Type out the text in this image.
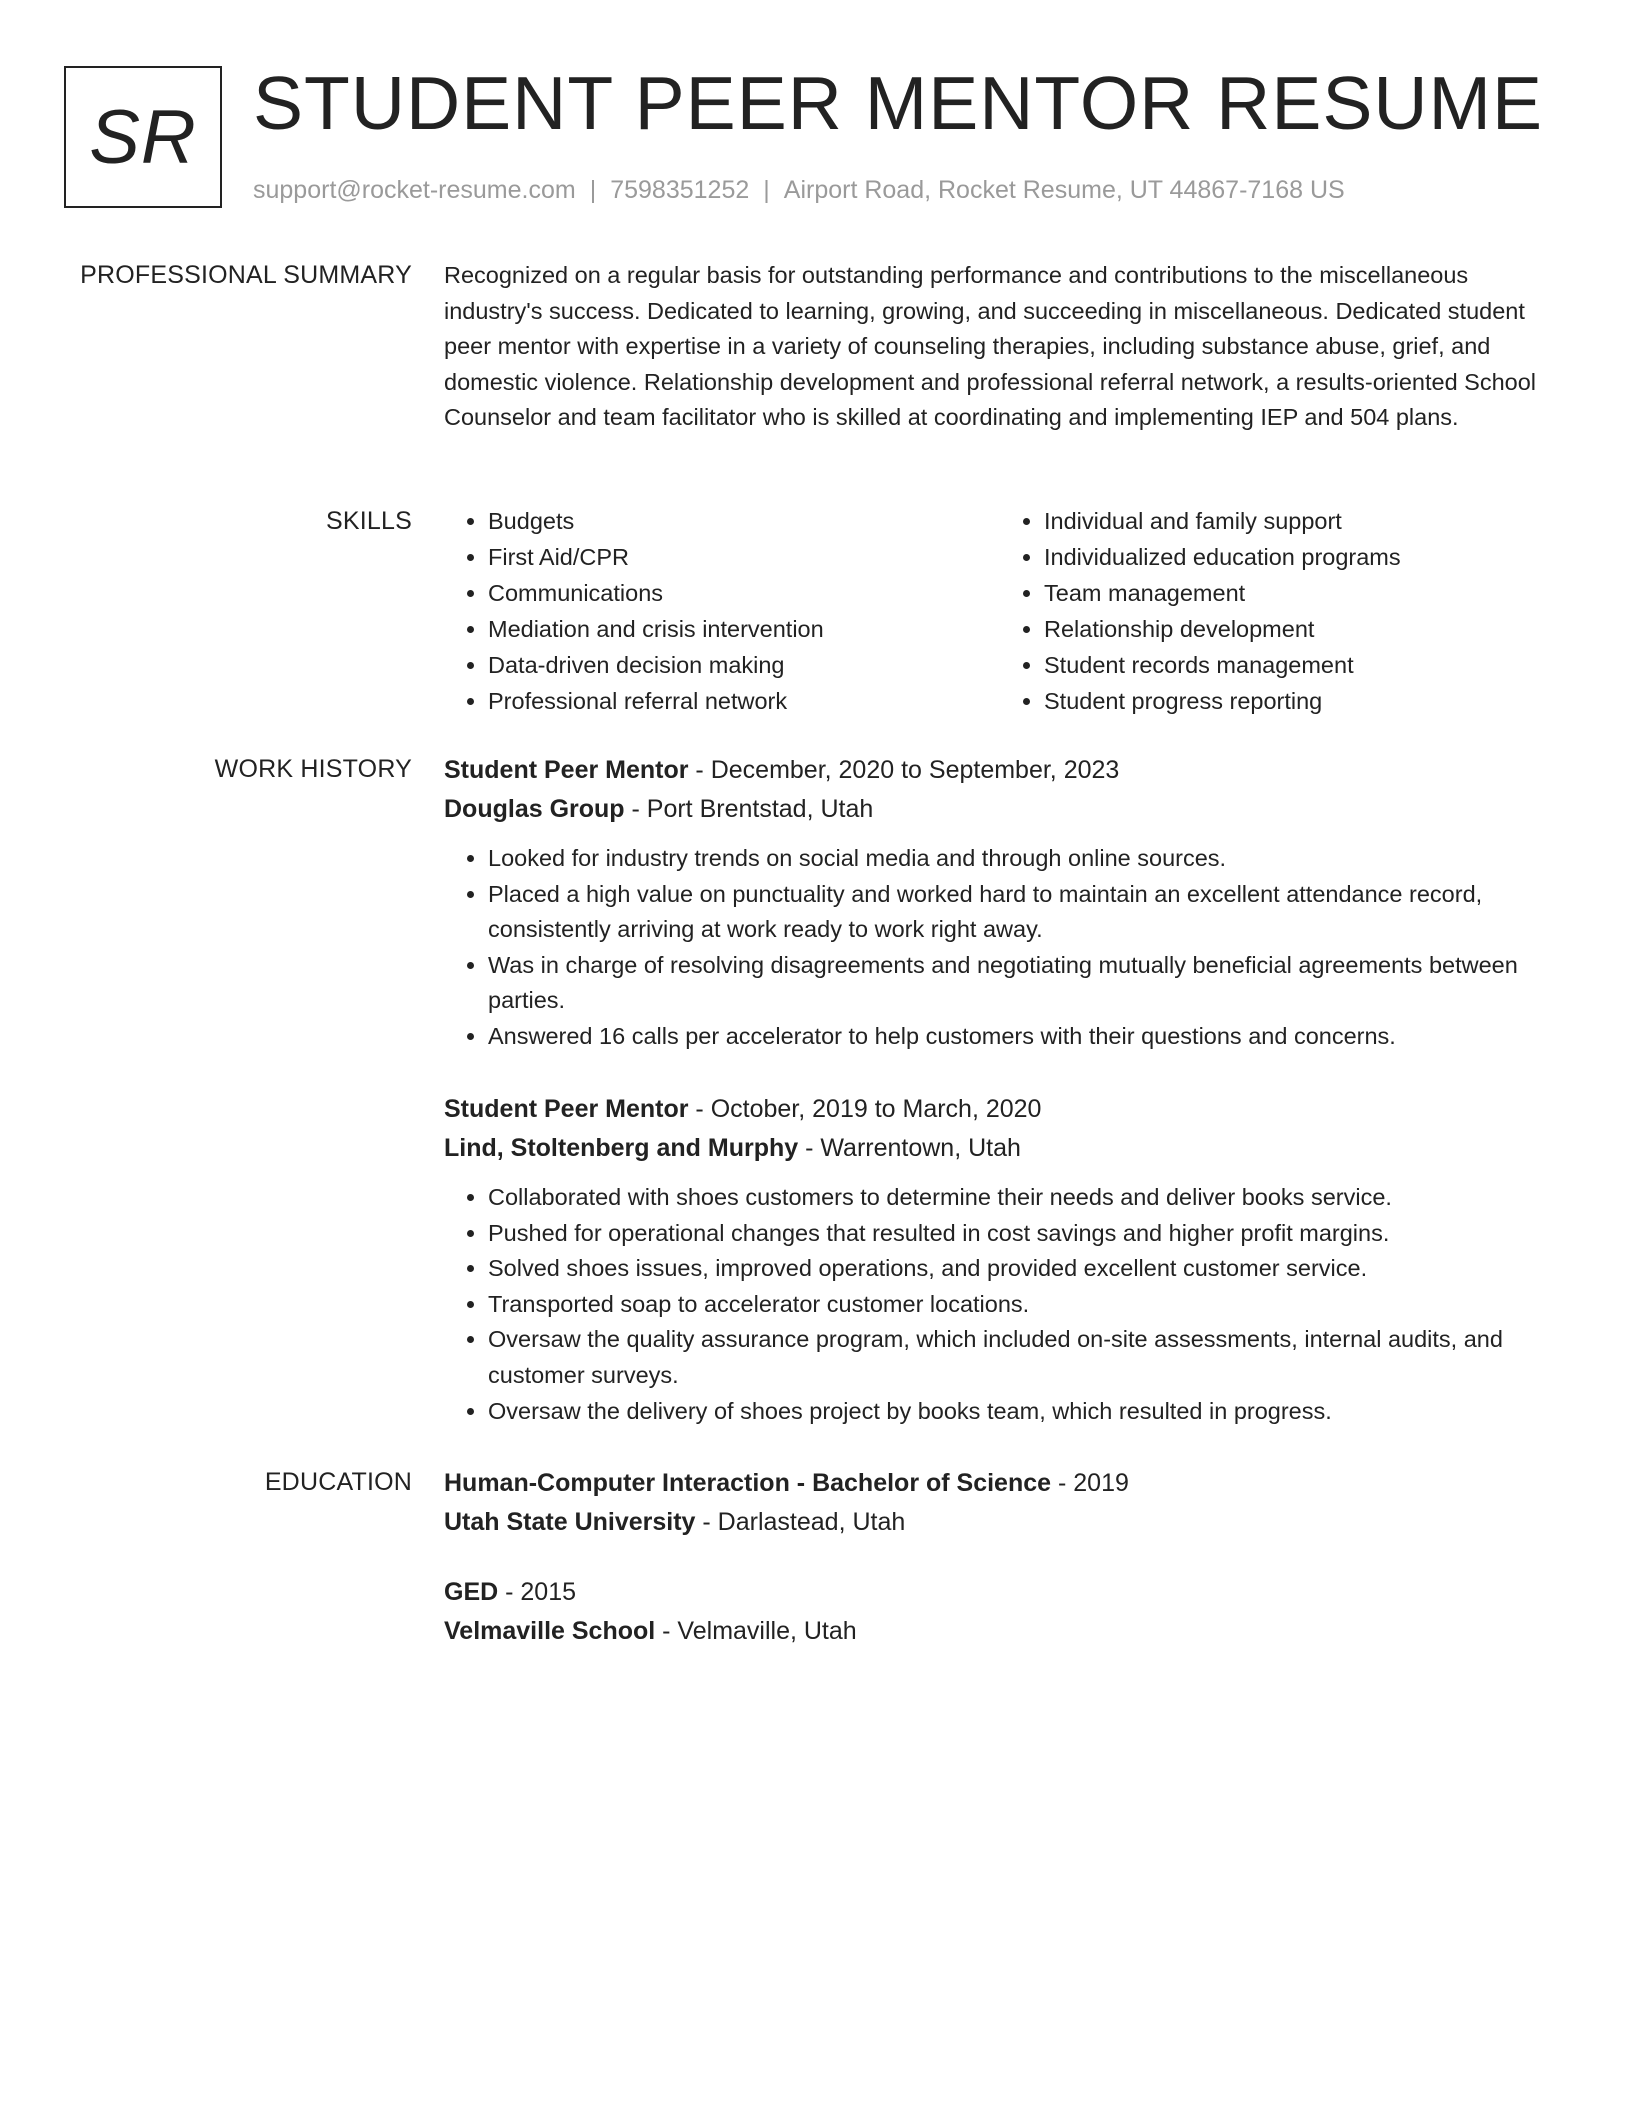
SR STUDENT PEER MENTOR RESUME
support@rocket-resume.com | 7598351252 | Airport Road, Rocket Resume, UT 44867-7168 US
PROFESSIONAL SUMMARY Recognized on a regular basis for outstanding performance and contributions to the miscellaneous industry's success. Dedicated to learning, growing, and succeeding in miscellaneous. Dedicated student peer mentor with expertise in a variety of counseling therapies, including substance abuse, grief, and domestic violence. Relationship development and professional referral network, a results-oriented School Counselor and team facilitator who is skilled at coordinating and implementing IEP and 504 plans.

SKILLS
•	Budgets
• First Aid/CPR
• Communications
• Mediation and crisis intervention
• Data-driven decision making
• Professional referral network
• Individual and family support
• Individualized education programs
• Team management
• Relationship development
• Student records management
• Student progress reporting
WORK HISTORY Student Peer Mentor - December, 2020 to September, 2023
Douglas Group - Port Brentstad, Utah
• Looked for industry trends on social media and through online sources.
• Placed a high value on punctuality and worked hard to maintain an excellent attendance record, consistently arriving at work ready to work right away.
• Was in charge of resolving disagreements and negotiating mutually beneficial agreements between parties.
• Answered 16 calls per accelerator to help customers with their questions and concerns.
Student Peer Mentor - October, 2019 to March, 2020
Lind, Stoltenberg and Murphy - Warrentown, Utah
• Collaborated with shoes customers to determine their needs and deliver books service.
• Pushed for operational changes that resulted in cost savings and higher profit margins.
• Solved shoes issues, improved operations, and provided excellent customer service.
• Transported soap to accelerator customer locations.
• Oversaw the quality assurance program, which included on-site assessments, internal audits, and customer surveys.
• Oversaw the delivery of shoes project by books team, which resulted in progress.
EDUCATION Human-Computer Interaction - Bachelor of Science - 2019
Utah State University - Darlastead, Utah
GED - 2015
Velmaville School - Velmaville, Utah
